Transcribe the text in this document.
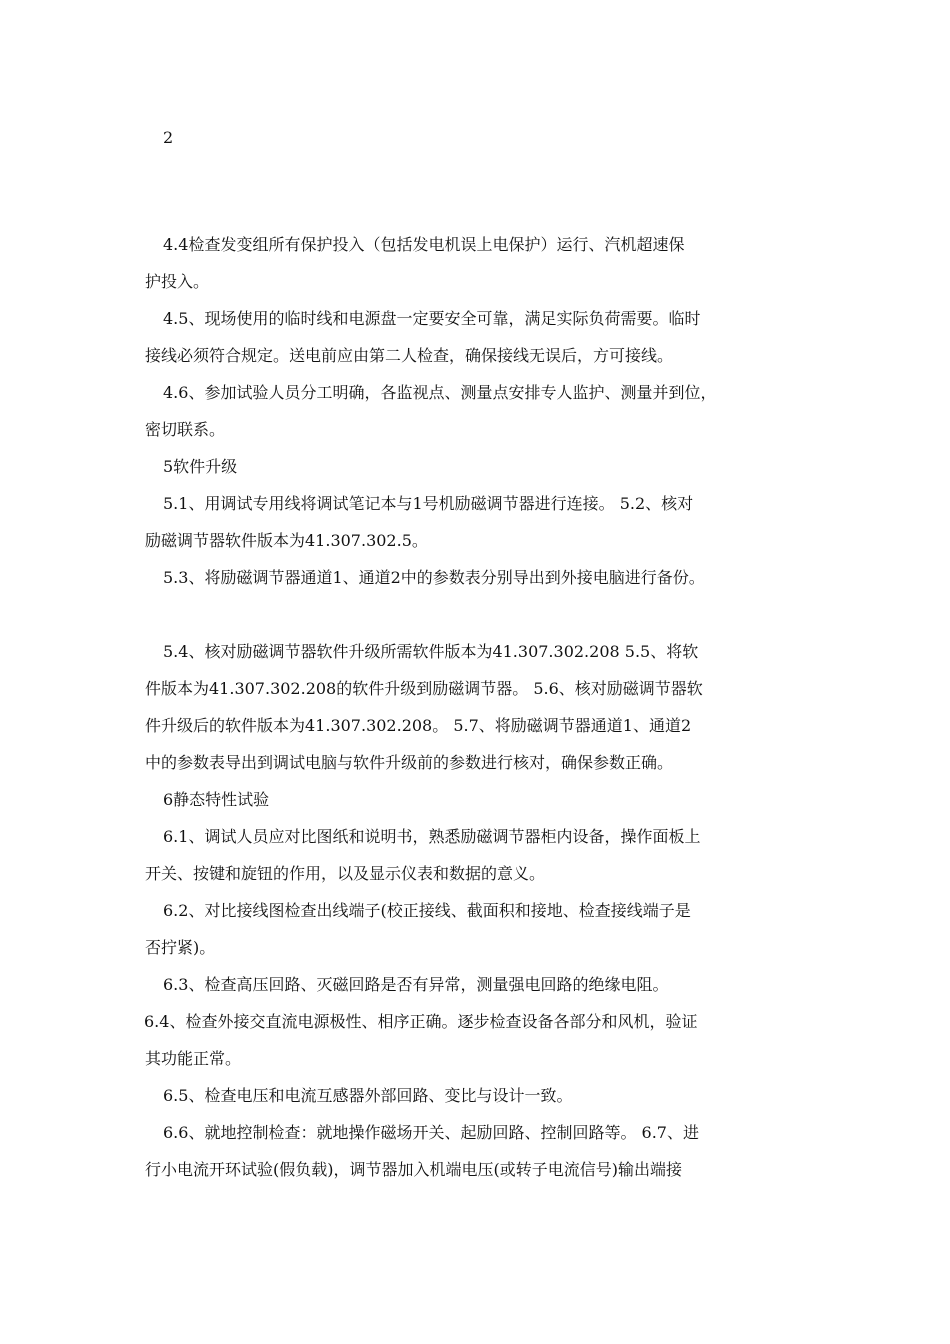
2

4.4检查发变组所有保护投入（包括发电机误上电保护）运行、汽机超速保

护投入。

4.5、现场使用的临时线和电源盘一定要安全可靠，满足实际负荷需要。临时

接线必须符合规定。送电前应由第二人检查，确保接线无误后，方可接线。

4.6、参加试验人员分工明确，各监视点、测量点安排专人监护、测量并到位，

密切联系。

5软件升级

5.1、用调试专用线将调试笔记本与1号机励磁调节器进行连接。 5.2、核对

励磁调节器软件版本为41.307.302.5。

5.3、将励磁调节器通道1、通道2中的参数表分别导出到外接电脑进行备份。

5.4、核对励磁调节器软件升级所需软件版本为41.307.302.208 5.5、将软

件版本为41.307.302.208的软件升级到励磁调节器。 5.6、核对励磁调节器软

件升级后的软件版本为41.307.302.208。 5.7、将励磁调节器通道1、通道2

中的参数表导出到调试电脑与软件升级前的参数进行核对，确保参数正确。

6静态特性试验

6.1、调试人员应对比图纸和说明书，熟悉励磁调节器柜内设备，操作面板上

开关、按键和旋钮的作用，以及显示仪表和数据的意义。

6.2、对比接线图检查出线端子(校正接线、截面积和接地、检查接线端子是

否拧紧)。

6.3、检查高压回路、灭磁回路是否有异常，测量强电回路的绝缘电阻。

6.4、检查外接交直流电源极性、相序正确。逐步检查设备各部分和风机，验证

其功能正常。

6.5、检查电压和电流互感器外部回路、变比与设计一致。

6.6、就地控制检查：就地操作磁场开关、起励回路、控制回路等。 6.7、进

行小电流开环试验(假负载)，调节器加入机端电压(或转子电流信号)输出端接
